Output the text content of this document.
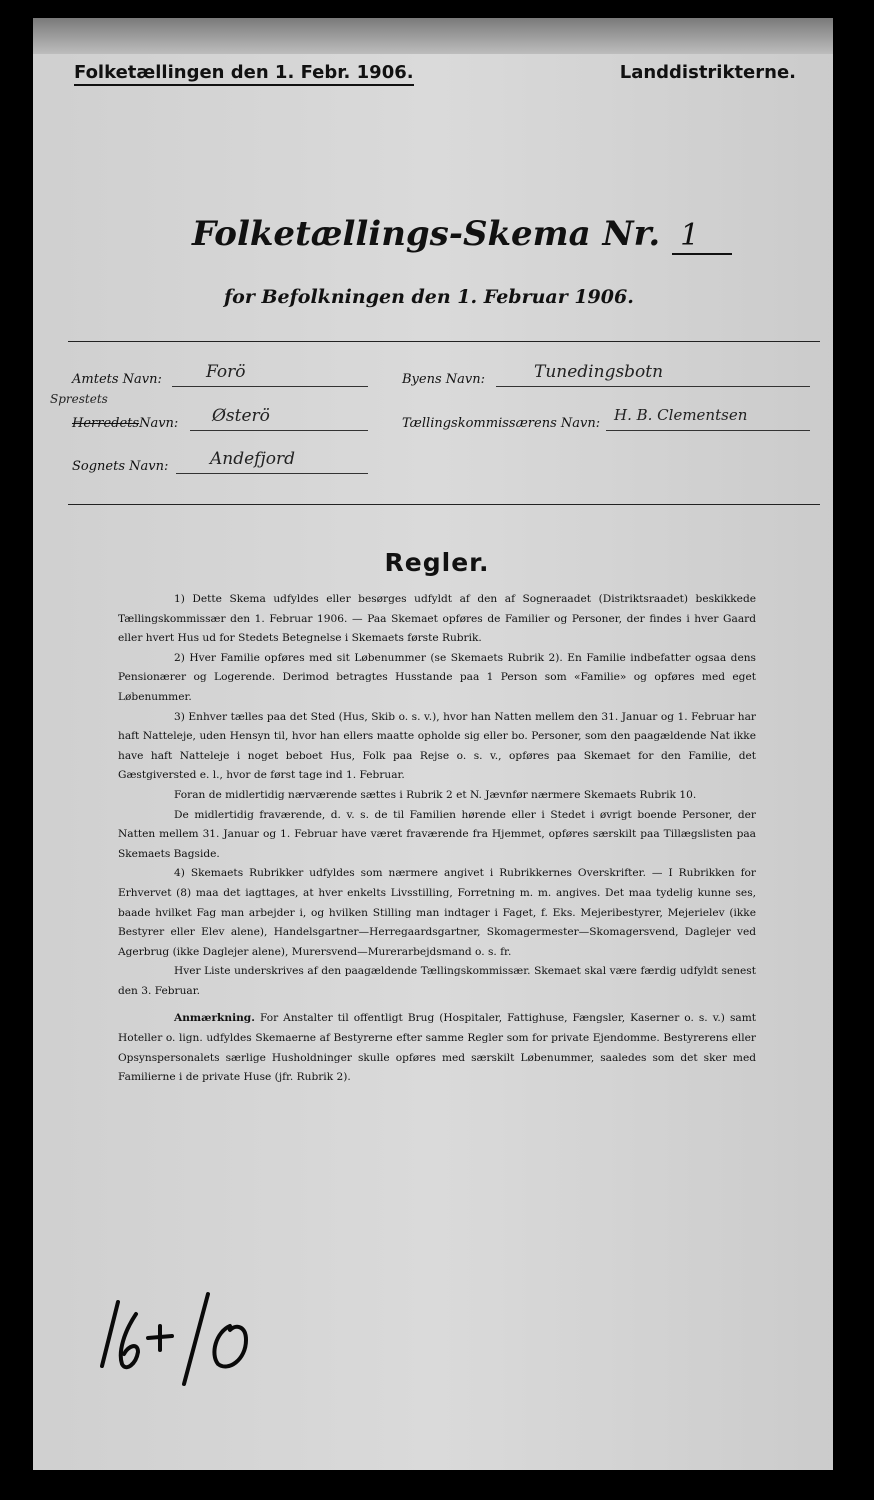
Folketællingen den 1. Febr. 1906.	Landdistrikterne.
Folketællings-Skema Nr. 1
for Befolkningen den 1. Februar 1906.
Amtets Navn:	Forö	Byens Navn:	Tunedingsbotn
Sprestets
HerredetsNavn: Østerö	Tællingskommissærens Navn: H. B. Clementsen
Sognets Navn: Andefjord
Regler.

1) Dette Skema udfyldes eller besørges udfyldt af den af Sogneraadet (Distriktsraadet) beskikkede Tællingskommissær den 1. Februar 1906. — Paa Skemaet opføres de Familier og Personer, der findes i hver Gaard eller hvert Hus ud for Stedets Betegnelse i Skemaets første Rubrik.

2) Hver Familie opføres med sit Løbenummer (se Skemaets Rubrik 2). En Familie indbefatter ogsaa dens Pensionærer og Logerende. Derimod betragtes Husstande paa 1 Person som «Familie» og opføres med eget Løbenummer.

3) Enhver tælles paa det Sted (Hus, Skib o. s. v.), hvor han Natten mellem den 31. Januar og 1. Februar har haft Natteleje, uden Hensyn til, hvor han ellers maatte opholde sig eller bo. Personer, som den paagældende Nat ikke have haft Natteleje i noget beboet Hus, Folk paa Rejse o. s. v., opføres paa Skemaet for den Familie, det Gæstgiversted e. l., hvor de først tage ind 1. Februar.

Foran de midlertidig nærværende sættes i Rubrik 2 et N. Jævnfør nærmere Skemaets Rubrik 10.

De midlertidig fraværende, d. v. s. de til Familien hørende eller i Stedet i øvrigt boende Personer, der Natten mellem 31. Januar og 1. Februar have været fraværende fra Hjemmet, opføres særskilt paa Tillægslisten paa Skemaets Bagside.

4) Skemaets Rubrikker udfyldes som nærmere angivet i Rubrikkernes Overskrifter. — I Rubrikken for Erhvervet (8) maa det iagttages, at hver enkelts Livsstilling, Forretning m. m. angives. Det maa tydelig kunne ses, baade hvilket Fag man arbejder i, og hvilken Stilling man indtager i Faget, f. Eks. Mejeribestyrer, Mejerielev (ikke Bestyrer eller Elev alene), Handelsgartner—Herregaardsgartner, Skomagermester—Skomagersvend, Daglejer ved Agerbrug (ikke Daglejer alene), Murersvend—Murerarbejdsmand o. s. fr.

Hver Liste underskrives af den paagældende Tællingskommissær. Skemaet skal være færdig udfyldt senest den 3. Februar.

Anmærkning. For Anstalter til offentligt Brug (Hospitaler, Fattighuse, Fængsler, Kaserner o. s. v.) samt Hoteller o. lign. udfyldes Skemaerne af Bestyrerne efter samme Regler som for private Ejendomme. Bestyrerens eller Opsynspersonalets særlige Husholdninger skulle opføres med særskilt Løbenummer, saaledes som det sker med Familierne i de private Huse (jfr. Rubrik 2).
